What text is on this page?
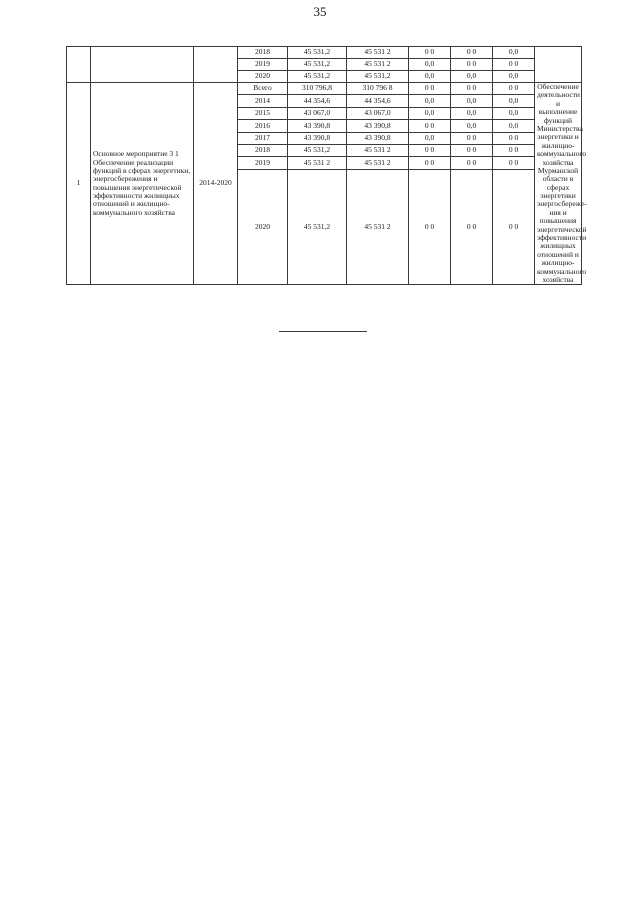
35
			2018	45 531,2	45 531 2	0 0	0 0	0,0	
			2019	45 531,2	45 531 2	0,0	0 0	0 0	
			2020	45 531,2	45 531,2	0,0	0,0	0,0	
1	Основное мероприятие 3 1 Обеспечение реализации функций в сферах энергетики, энергосбережения и повышения энергетической эффективности жилищных отношений и жилищно-коммунального хозяйства	2014-2020	Всего	310 796,8	310 796 8	0 0	0 0	0 0	Обеспечение деятельности и выполнение функций Министерства энергетики и жилищно-коммунального хозяйства Мурманской области в сферах энергетики энергосбереже-ния и повышения энергетической эффективности жилищных отношений и жилищно-коммунального хозяйства
			2014	44 354,6	44 354,6	0,0	0,0	0,0	
			2015	43 067,0	43 067,0	0,0	0,0	0,0	
			2016	43 390,8	43 390,8	0 0	0,0	0,0	
			2017	43 390,8	43 390,8	0,0	0 0	0 0	
			2018	45 531,2	45 531 2	0 0	0 0	0 0	
			2019	45 531 2	45 531 2	0 0	0 0	0 0	
			2020	45 531,2	45 531 2	0 0	0 0	0 0	
